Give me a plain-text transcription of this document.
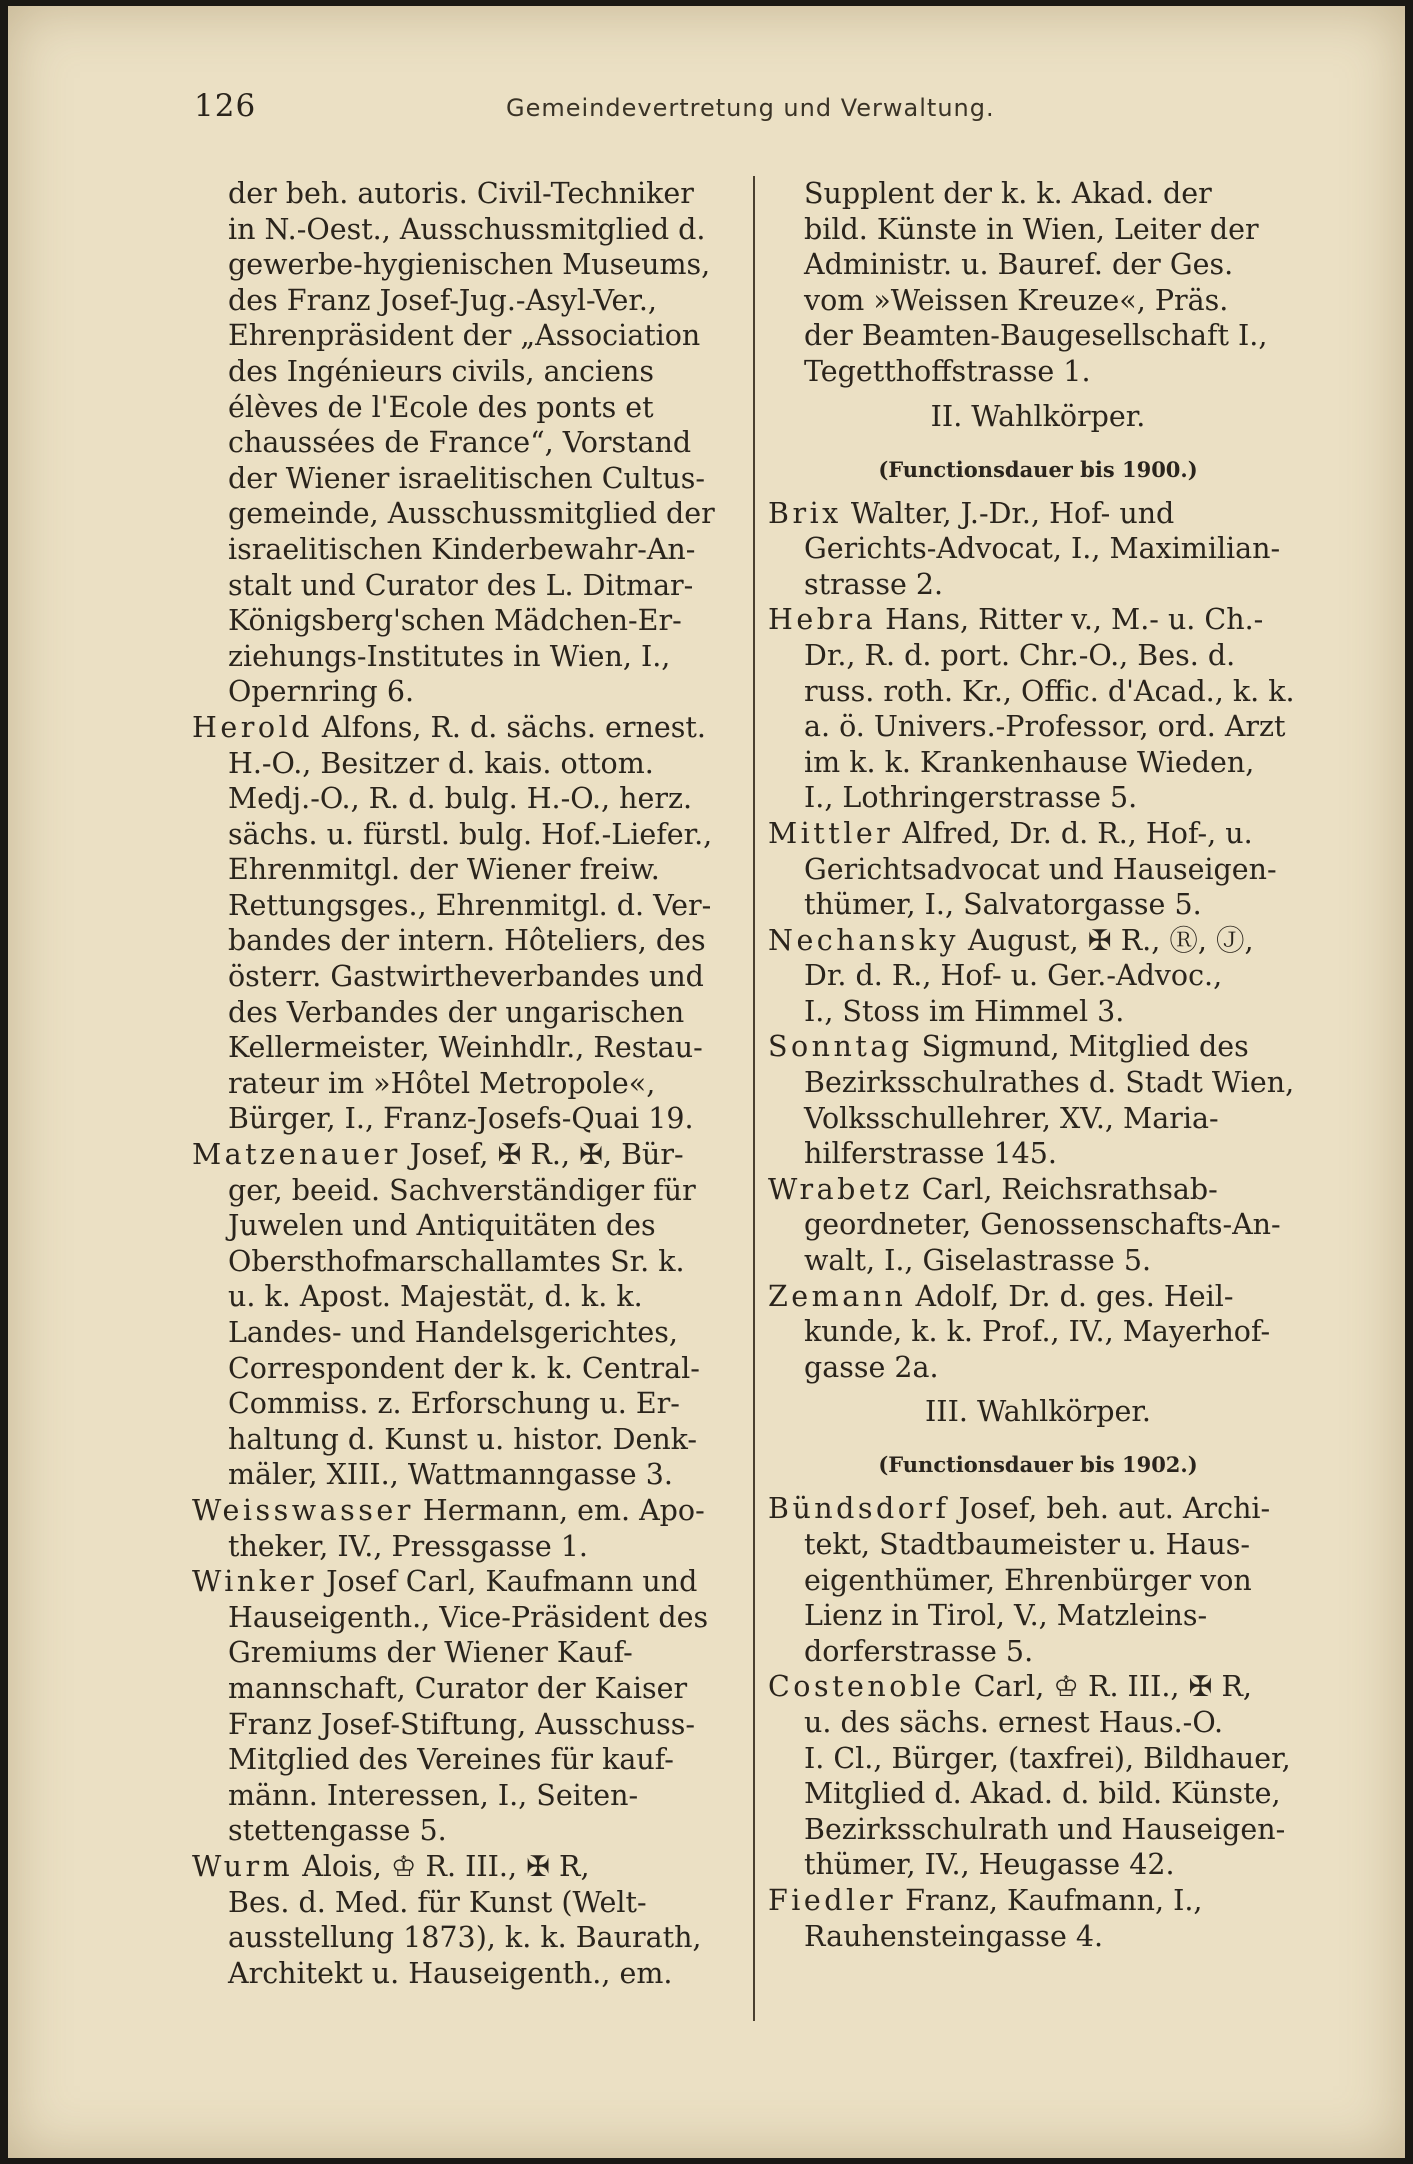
126	Gemeindevertretung und Verwaltung.
der beh. autoris. Civil-Techniker
in N.-Oest., Ausschussmitglied d.
gewerbe-hygienischen Museums,
des Franz Josef-Jug.-Asyl-Ver.,
Ehrenpräsident der „Association
des Ingénieurs civils, anciens
élèves de l'Ecole des ponts et
chaussées de France“, Vorstand
der Wiener israelitischen Cultus-
gemeinde, Ausschussmitglied der
israelitischen Kinderbewahr-An-
stalt und Curator des L. Ditmar-
Königsberg'schen Mädchen-Er-
ziehungs-Institutes in Wien, I.,
Opernring 6.
Herold Alfons, R. d. sächs. ernest.
H.-O., Besitzer d. kais. ottom.
Medj.-O., R. d. bulg. H.-O., herz.
sächs. u. fürstl. bulg. Hof.-Liefer.,
Ehrenmitgl. der Wiener freiw.
Rettungsges., Ehrenmitgl. d. Ver-
bandes der intern. Hôteliers, des
österr. Gastwirtheverbandes und
des Verbandes der ungarischen
Kellermeister, Weinhdlr., Restau-
rateur im »Hôtel Metropole«,
Bürger, I., Franz-Josefs-Quai 19.
Matzenauer Josef, ✠ R., ✠, Bür-
ger, beeid. Sachverständiger für
Juwelen und Antiquitäten des
Obersthofmarschallamtes Sr. k.
u. k. Apost. Majestät, d. k. k.
Landes- und Handelsgerichtes,
Correspondent der k. k. Central-
Commiss. z. Erforschung u. Er-
haltung d. Kunst u. histor. Denk-
mäler, XIII., Wattmanngasse 3.
Weisswasser Hermann, em. Apo-
theker, IV., Pressgasse 1.
Winker Josef Carl, Kaufmann und
Hauseigenth., Vice-Präsident des
Gremiums der Wiener Kauf-
mannschaft, Curator der Kaiser
Franz Josef-Stiftung, Ausschuss-
Mitglied des Vereines für kauf-
männ. Interessen, I., Seiten-
stettengasse 5.
Wurm Alois, ♔ R. III., ✠ R,
Bes. d. Med. für Kunst (Welt-
ausstellung 1873), k. k. Baurath,
Architekt u. Hauseigenth., em.
Supplent der k. k. Akad. der
bild. Künste in Wien, Leiter der
Administr. u. Bauref. der Ges.
vom »Weissen Kreuze«, Präs.
der Beamten-Baugesellschaft I.,
Tegetthoffstrasse 1.
II. Wahlkörper.
(Functionsdauer bis 1900.)
Brix Walter, J.-Dr., Hof- und
Gerichts-Advocat, I., Maximilian-
strasse 2.
Hebra Hans, Ritter v., M.- u. Ch.-
Dr., R. d. port. Chr.-O., Bes. d.
russ. roth. Kr., Offic. d'Acad., k. k.
a. ö. Univers.-Professor, ord. Arzt
im k. k. Krankenhause Wieden,
I., Lothringerstrasse 5.
Mittler Alfred, Dr. d. R., Hof-, u.
Gerichtsadvocat und Hauseigen-
thümer, I., Salvatorgasse 5.
Nechansky August, ✠ R., Ⓡ, Ⓙ,
Dr. d. R., Hof- u. Ger.-Advoc.,
I., Stoss im Himmel 3.
Sonntag Sigmund, Mitglied des
Bezirksschulrathes d. Stadt Wien,
Volksschullehrer, XV., Maria-
hilferstrasse 145.
Wrabetz Carl, Reichsrathsab-
geordneter, Genossenschafts-An-
walt, I., Giselastrasse 5.
Zemann Adolf, Dr. d. ges. Heil-
kunde, k. k. Prof., IV., Mayerhof-
gasse 2a.
III. Wahlkörper.
(Functionsdauer bis 1902.)
Bündsdorf Josef, beh. aut. Archi-
tekt, Stadtbaumeister u. Haus-
eigenthümer, Ehrenbürger von
Lienz in Tirol, V., Matzleins-
dorferstrasse 5.
Costenoble Carl, ♔ R. III., ✠ R,
u. des sächs. ernest Haus.-O.
I. Cl., Bürger, (taxfrei), Bildhauer,
Mitglied d. Akad. d. bild. Künste,
Bezirksschulrath und Hauseigen-
thümer, IV., Heugasse 42.
Fiedler Franz, Kaufmann, I.,
Rauhensteingasse 4.
